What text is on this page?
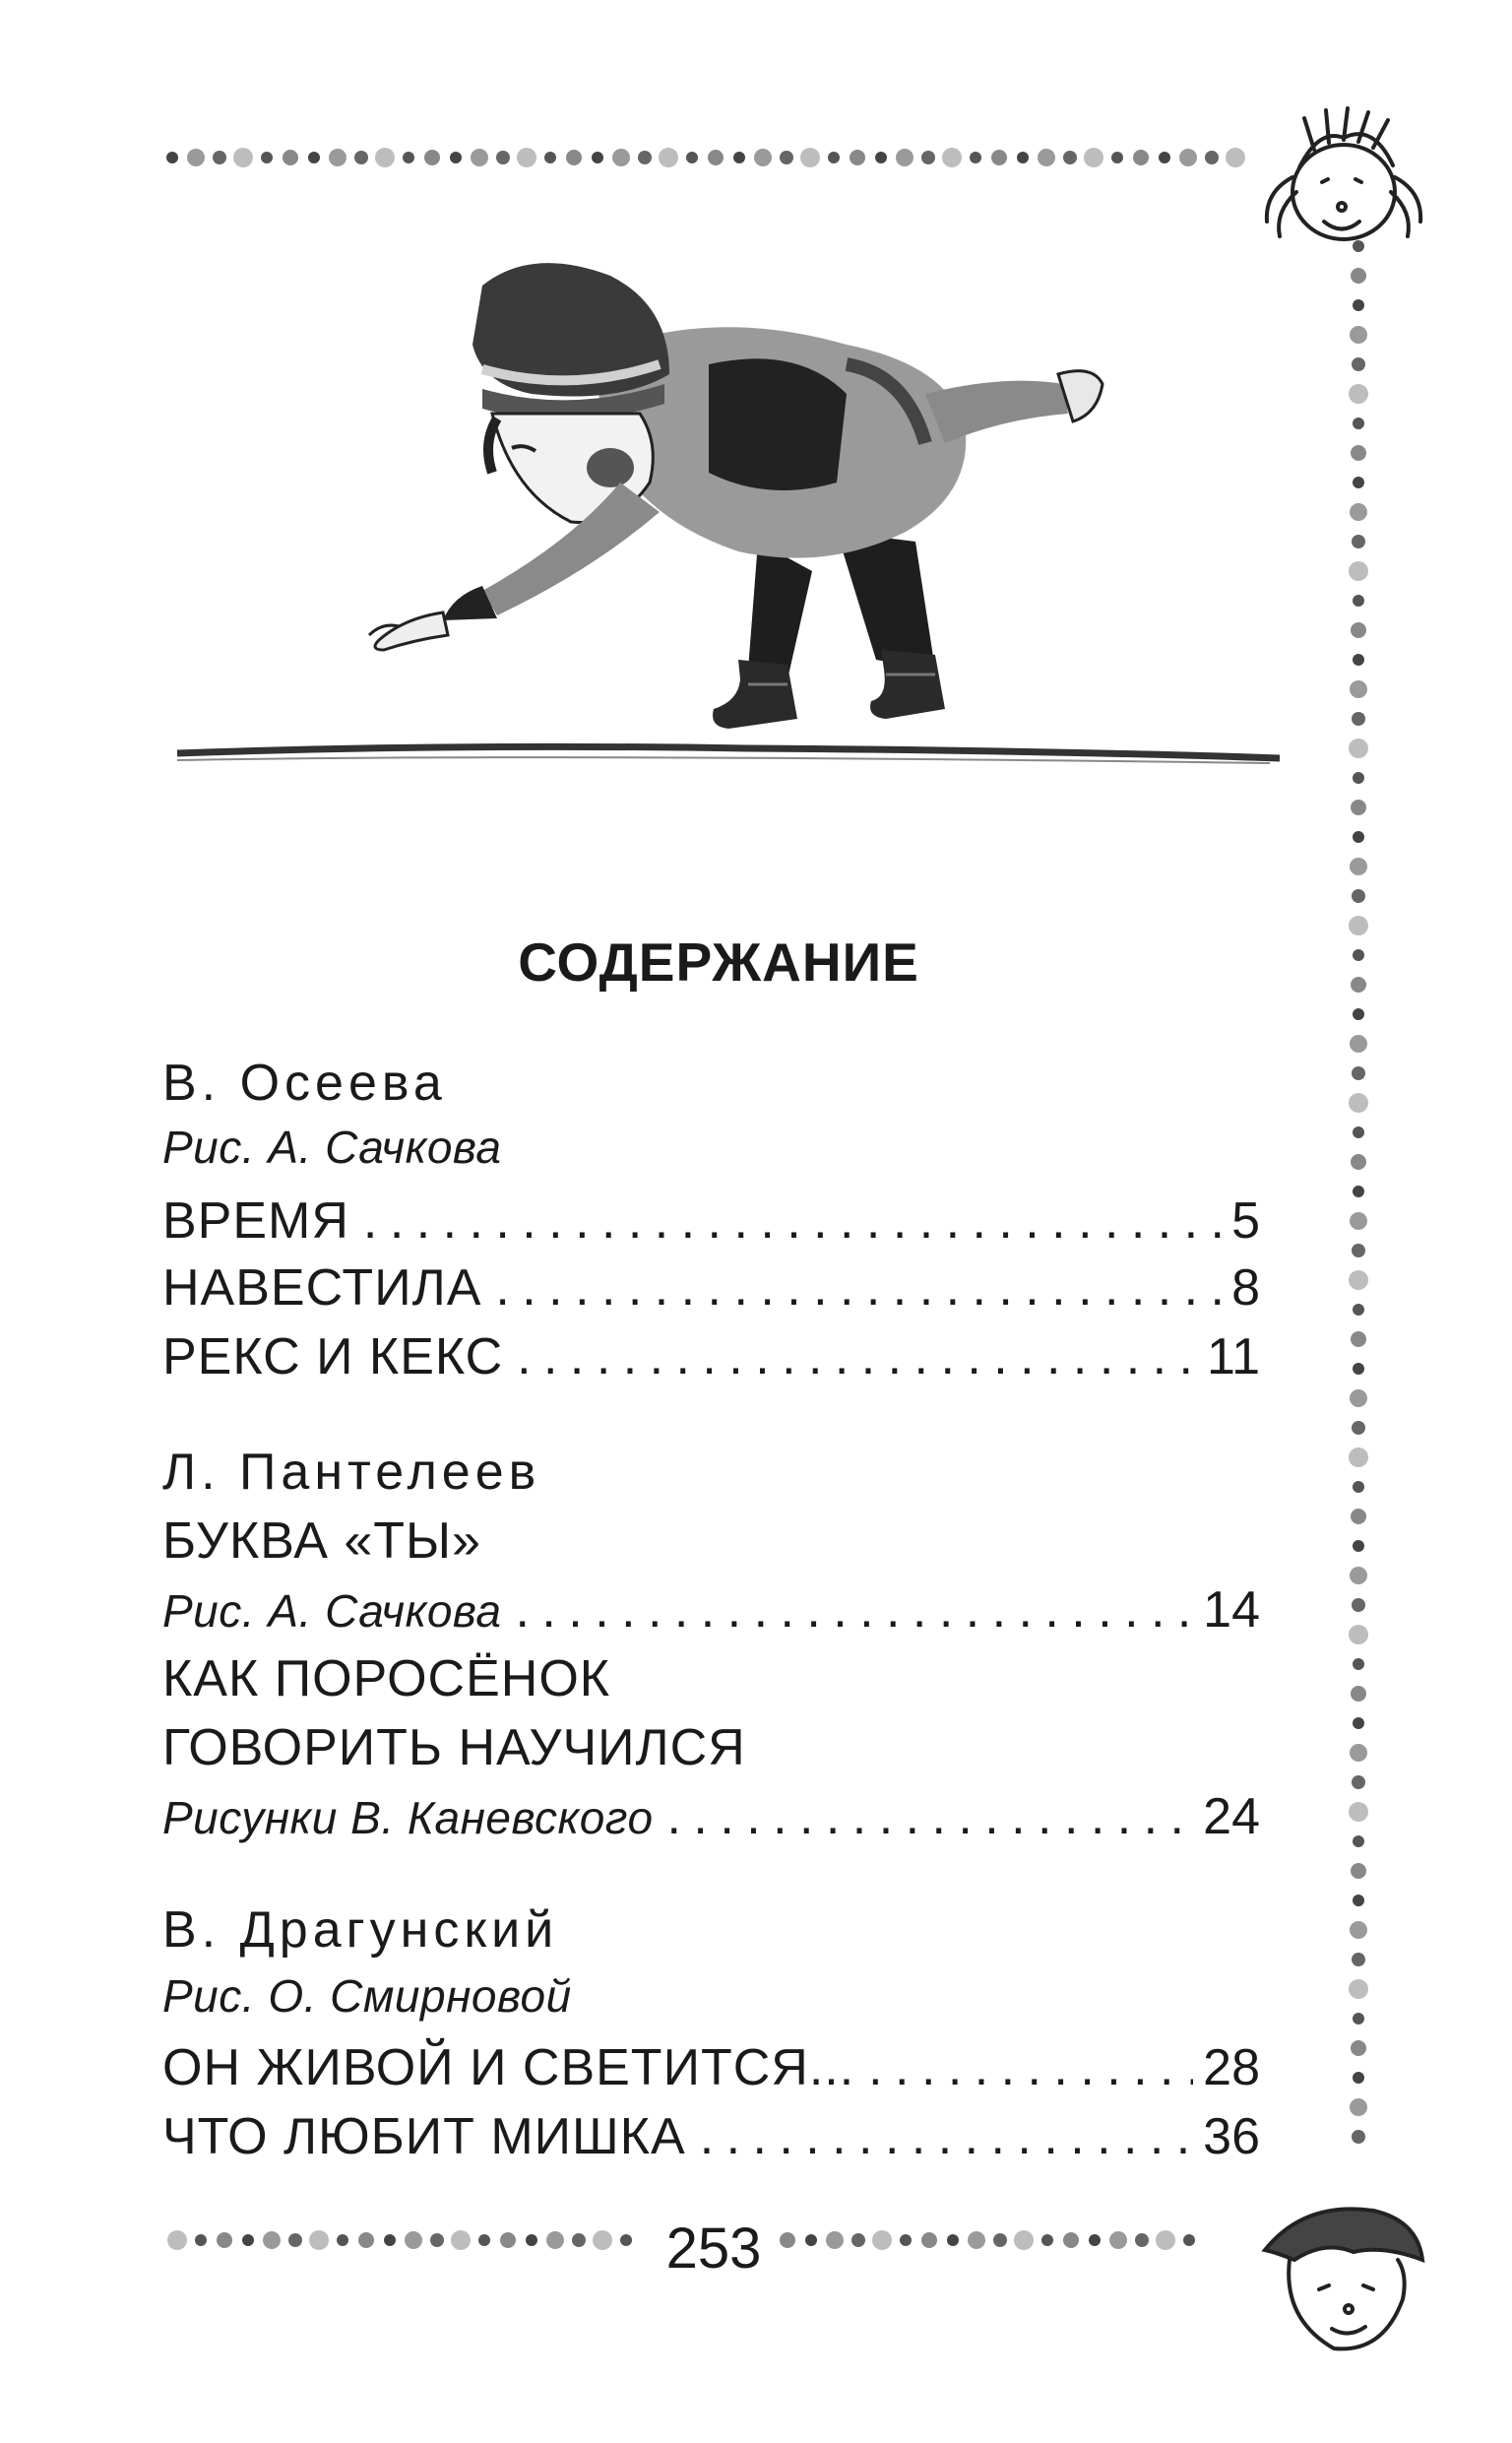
СОДЕРЖАНИЕ
В. Осеева
Рис. А. Сачкова
ВРЕМЯ . . .	5
НАВЕСТИЛА . . .	8
РЕКС И КЕКС . . .	11
Л. Пантелеев
БУКВА «ТЫ»
Рис. А. Сачкова . . .	14
КАК ПОРОСЁНОК
ГОВОРИТЬ НАУЧИЛСЯ
Рисунки В. Каневского . . .	24
В. Драгунский
Рис. О. Смирновой
ОН ЖИВОЙ И СВЕТИТСЯ... . . .	28
ЧТО ЛЮБИТ МИШКА . . .	36
253
